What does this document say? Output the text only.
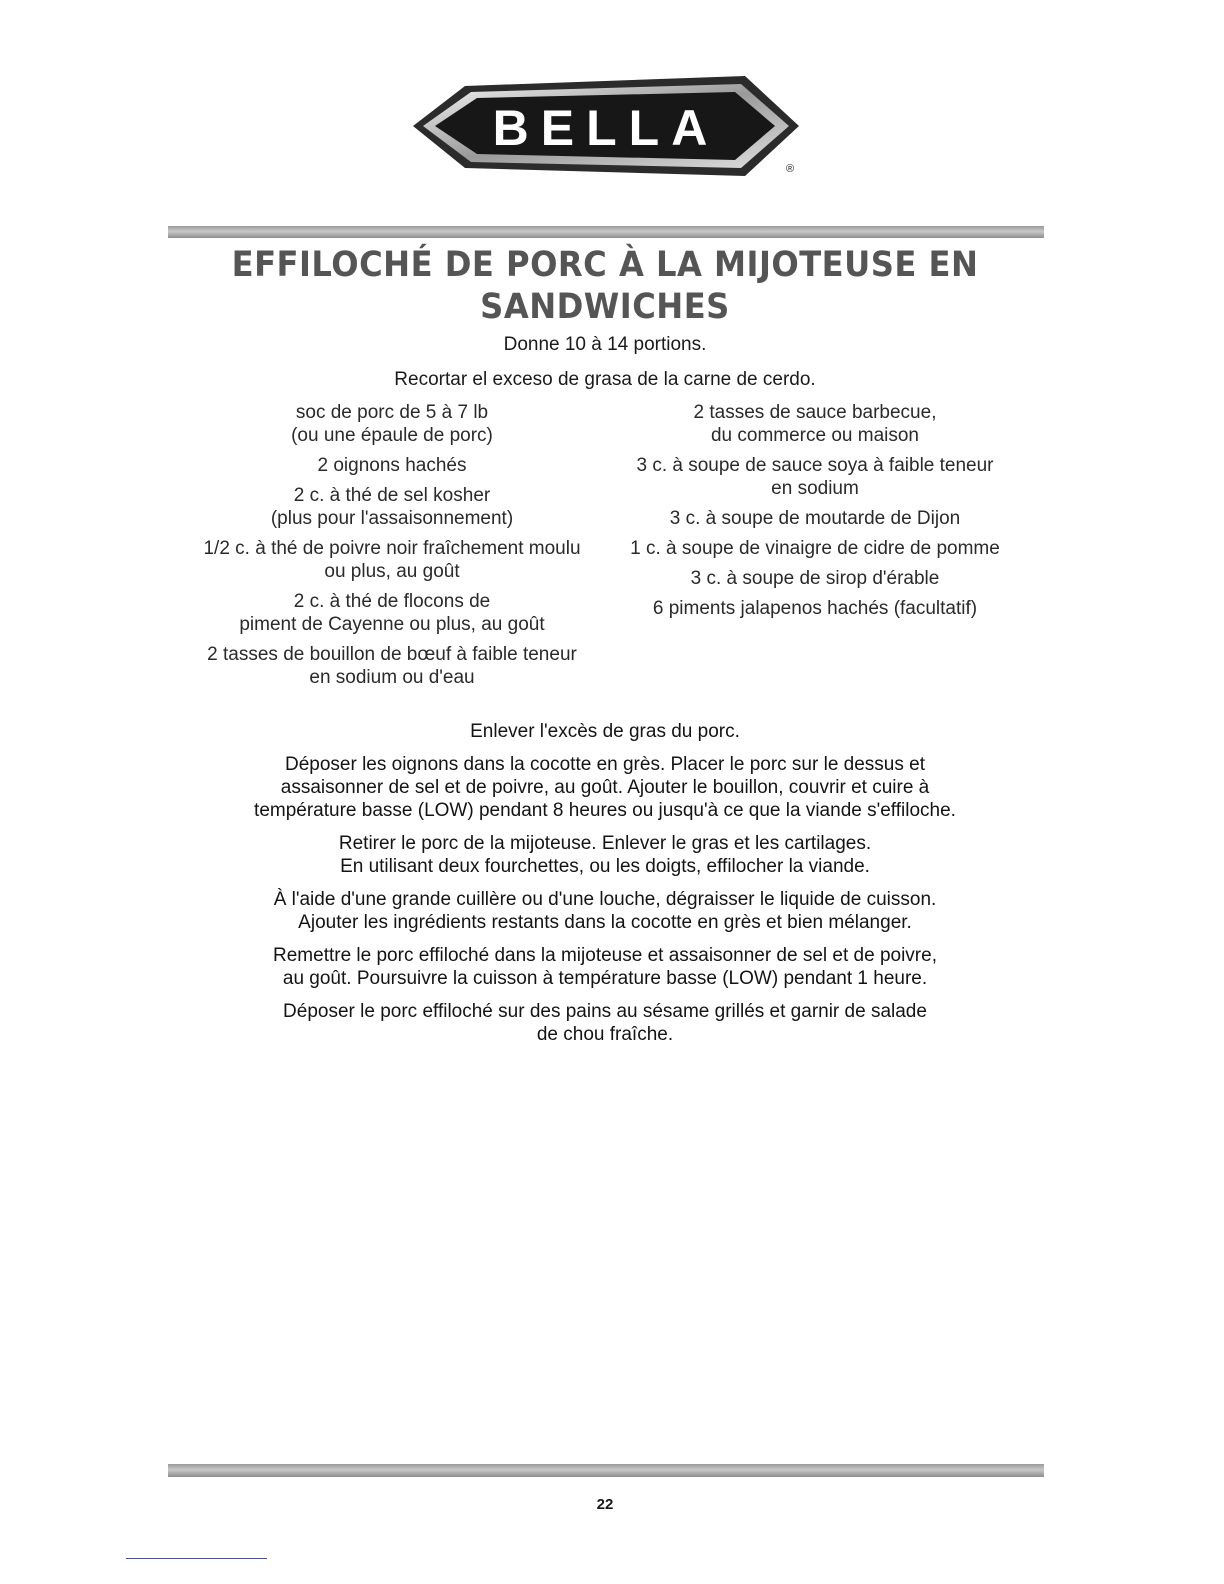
BELLA
®
EFFILOCHÉ DE PORC À LA MIJOTEUSE EN
SANDWICHES
Donne 10 à 14 portions.
Recortar el exceso de grasa de la carne de cerdo.
soc de porc de 5 à 7 lb
(ou une épaule de porc)
2 oignons hachés
2 c. à thé de sel kosher
(plus pour l'assaisonnement)
1/2 c. à thé de poivre noir fraîchement moulu
ou plus, au goût
2 c. à thé de flocons de
piment de Cayenne ou plus, au goût
2 tasses de bouillon de bœuf à faible teneur
en sodium ou d'eau
2 tasses de sauce barbecue,
du commerce ou maison
3 c. à soupe de sauce soya à faible teneur
en sodium
3 c. à soupe de moutarde de Dijon
1 c. à soupe de vinaigre de cidre de pomme
3 c. à soupe de sirop d'érable
6 piments jalapenos hachés (facultatif)
Enlever l'excès de gras du porc.
Déposer les oignons dans la cocotte en grès. Placer le porc sur le dessus et
assaisonner de sel et de poivre, au goût. Ajouter le bouillon, couvrir et cuire à
température basse (LOW) pendant 8 heures ou jusqu'à ce que la viande s'effiloche.
Retirer le porc de la mijoteuse. Enlever le gras et les cartilages.
En utilisant deux fourchettes, ou les doigts, effilocher la viande.
À l'aide d'une grande cuillère ou d'une louche, dégraisser le liquide de cuisson.
Ajouter les ingrédients restants dans la cocotte en grès et bien mélanger.
Remettre le porc effiloché dans la mijoteuse et assaisonner de sel et de poivre,
au goût. Poursuivre la cuisson à température basse (LOW) pendant 1 heure.
Déposer le porc effiloché sur des pains au sésame grillés et garnir de salade
de chou fraîche.
22
